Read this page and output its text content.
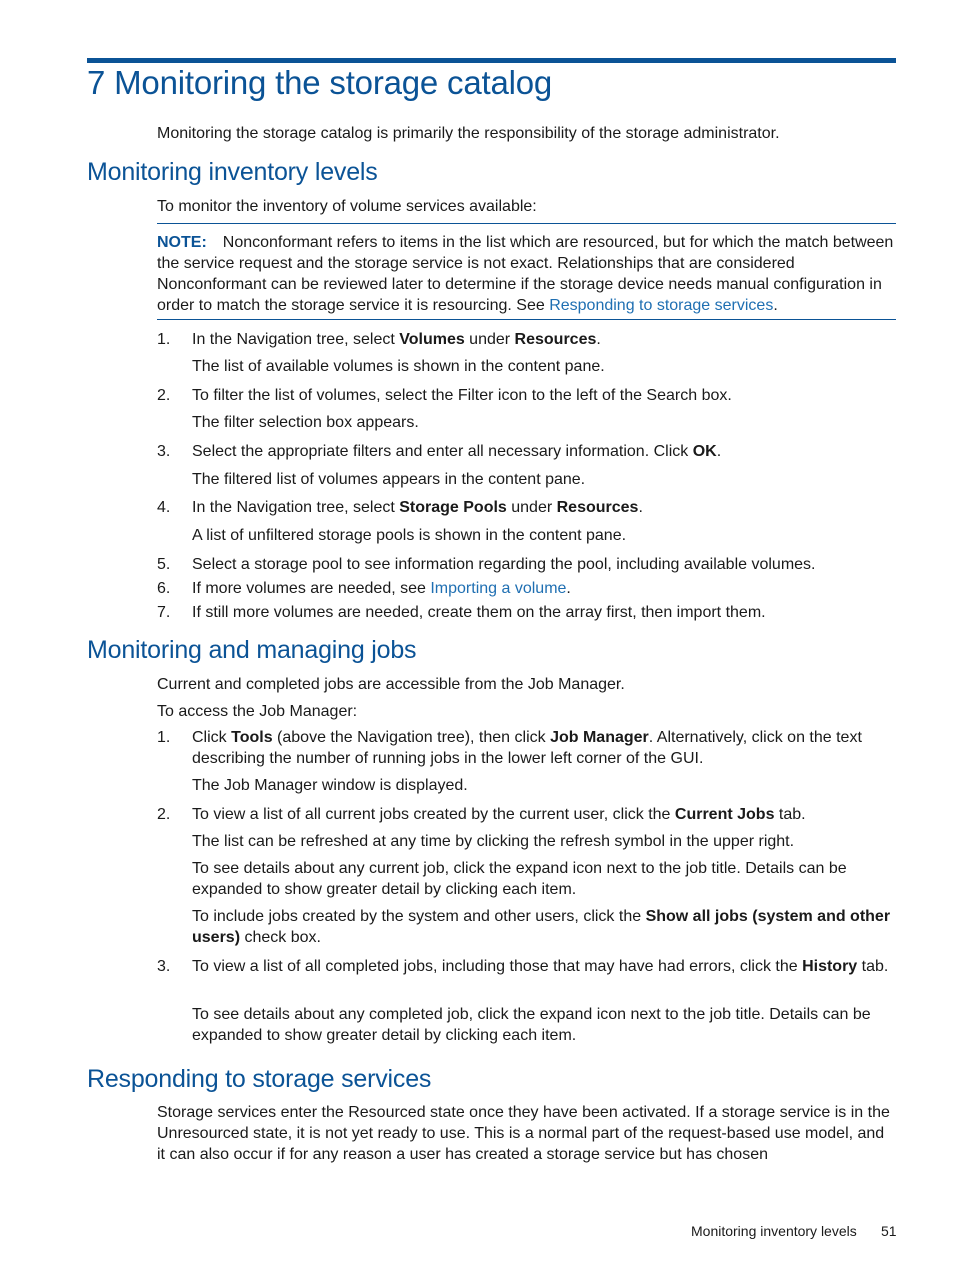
7 Monitoring the storage catalog

Monitoring the storage catalog is primarily the responsibility of the storage administrator.

Monitoring inventory levels

To monitor the inventory of volume services available:

NOTE: Nonconformant refers to items in the list which are resourced, but for which the match between the service request and the storage service is not exact. Relationships that are considered Nonconformant can be reviewed later to determine if the storage device needs manual configuration in order to match the storage service it is resourcing. See Responding to storage services.

1. In the Navigation tree, select Volumes under Resources.

The list of available volumes is shown in the content pane.

2. To filter the list of volumes, select the Filter icon to the left of the Search box.

The filter selection box appears.

3. Select the appropriate filters and enter all necessary information. Click OK.

The filtered list of volumes appears in the content pane.

4. In the Navigation tree, select Storage Pools under Resources.

A list of unfiltered storage pools is shown in the content pane.

5. Select a storage pool to see information regarding the pool, including available volumes.

6. If more volumes are needed, see Importing a volume.

7. If still more volumes are needed, create them on the array first, then import them.

Monitoring and managing jobs

Current and completed jobs are accessible from the Job Manager.

To access the Job Manager:

1. Click Tools (above the Navigation tree), then click Job Manager. Alternatively, click on the text describing the number of running jobs in the lower left corner of the GUI.

The Job Manager window is displayed.

2. To view a list of all current jobs created by the current user, click the Current Jobs tab.

The list can be refreshed at any time by clicking the refresh symbol in the upper right.

To see details about any current job, click the expand icon next to the job title. Details can be expanded to show greater detail by clicking each item.

To include jobs created by the system and other users, click the Show all jobs (system and other users) check box.

3. To view a list of all completed jobs, including those that may have had errors, click the History tab.

To see details about any completed job, click the expand icon next to the job title. Details can be expanded to show greater detail by clicking each item.

Responding to storage services

Storage services enter the Resourced state once they have been activated. If a storage service is in the Unresourced state, it is not yet ready to use. This is a normal part of the request-based use model, and it can also occur if for any reason a user has created a storage service but has chosen

Monitoring inventory levels 51
